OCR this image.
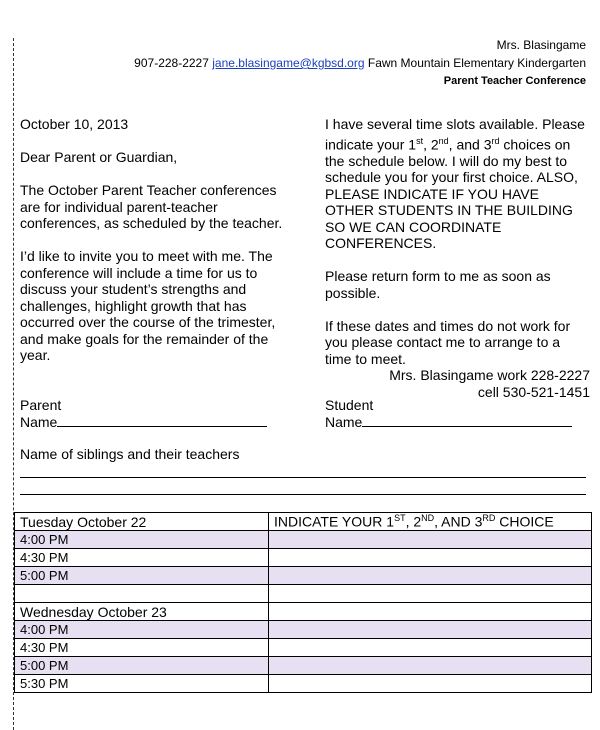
Mrs. Blasingame
907-228-2227 jane.blasingame@kgbsd.org Fawn Mountain Elementary Kindergarten
Parent Teacher Conference

October 10, 2013

Dear Parent or Guardian,

The October Parent Teacher conferences are for individual parent-teacher conferences, as scheduled by the teacher.

I’d like to invite you to meet with me. The conference will include a time for us to discuss your student’s strengths and challenges, highlight growth that has occurred over the course of the trimester, and make goals for the remainder of the year.

I have several time slots available. Please indicate your 1st, 2nd, and 3rd choices on the schedule below. I will do my best to schedule you for your first choice. ALSO, PLEASE INDICATE IF YOU HAVE OTHER STUDENTS IN THE BUILDING SO WE CAN COORDINATE CONFERENCES.

Please return form to me as soon as possible.

If these dates and times do not work for you please contact me to arrange to a time to meet.

Mrs. Blasingame work 228-2227
cell 530-521-1451
Parent
Name
Student
Name
Name of siblings and their teachers
Tuesday October 22	INDICATE YOUR 1ST, 2ND, AND 3RD CHOICE
4:00 PM	
4:30 PM	
5:00 PM	

Wednesday October 23	
4:00 PM	
4:30 PM	
5:00 PM	
5:30 PM	
